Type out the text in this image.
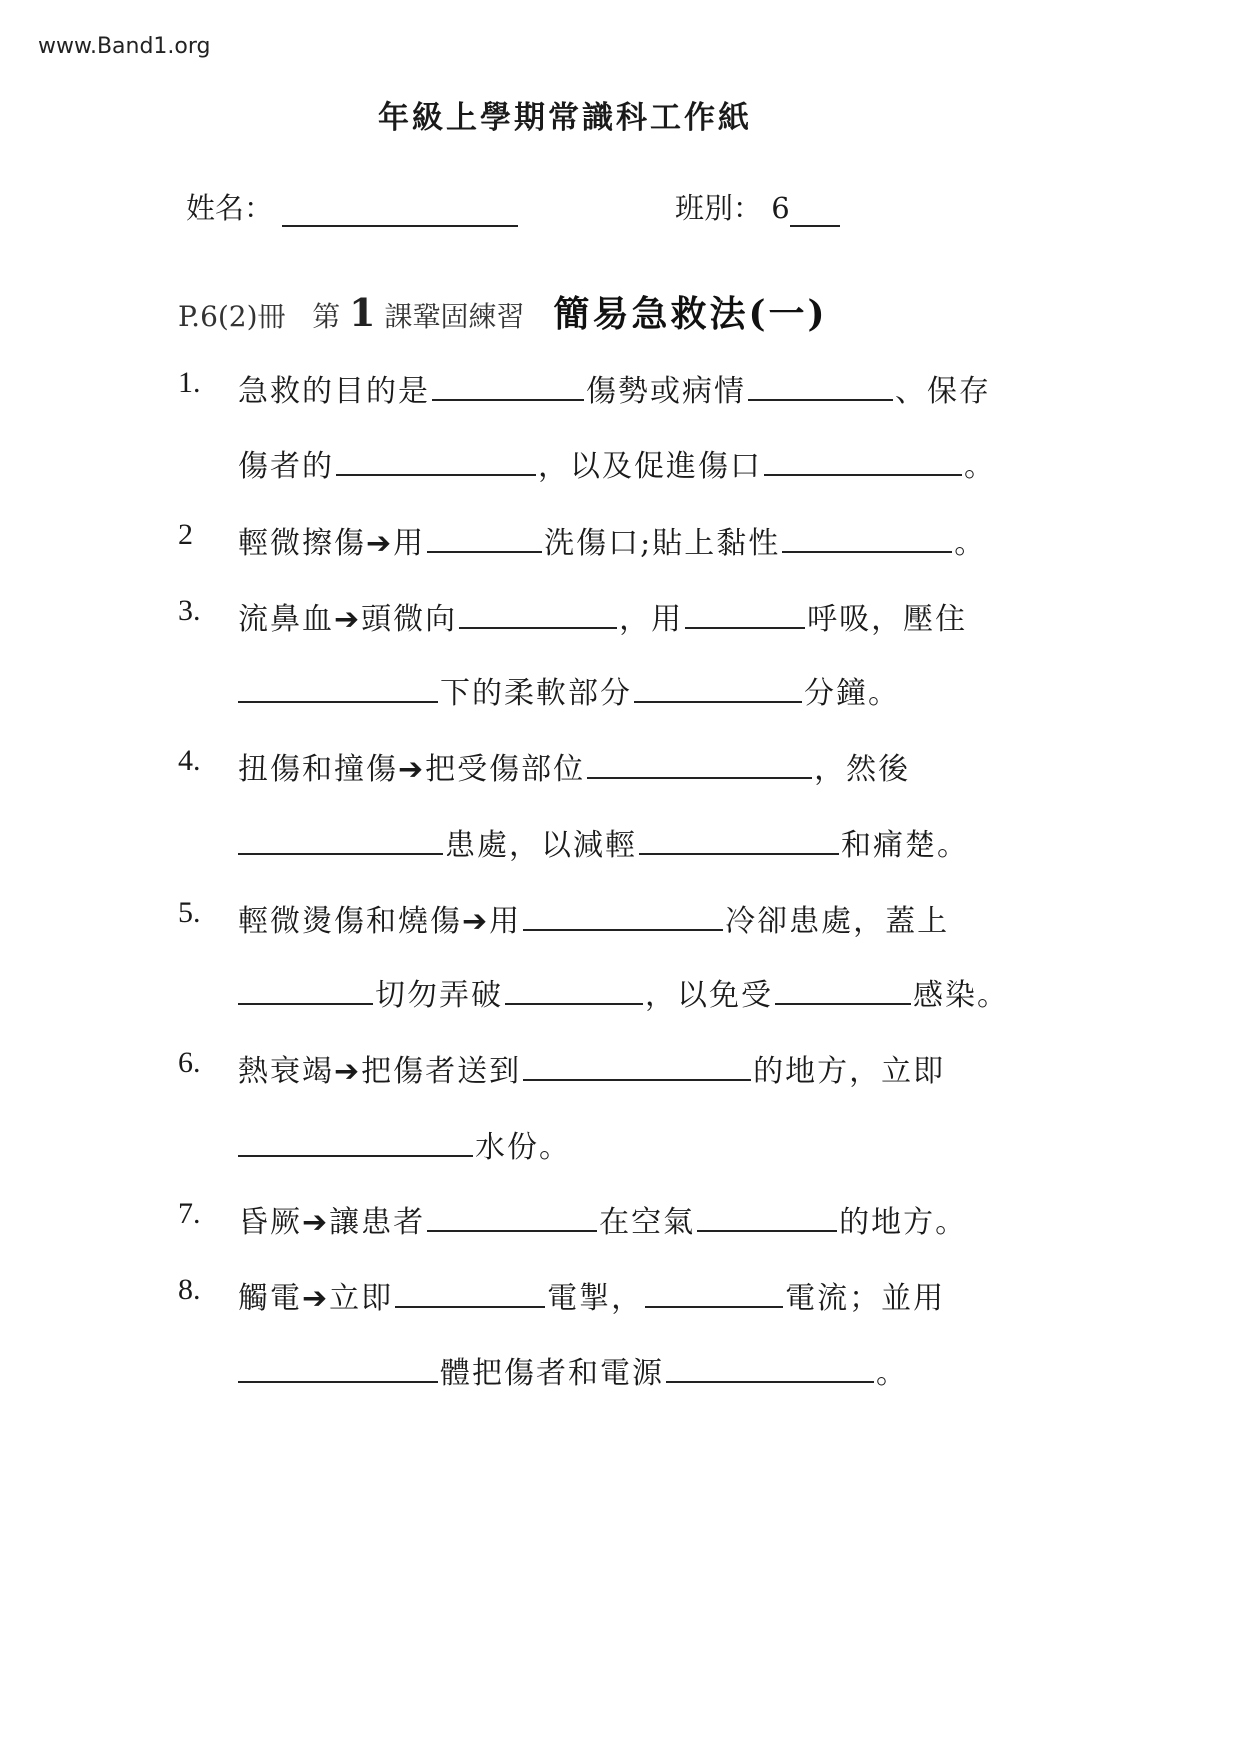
www.Band1.org
年級上學期常識科工作紙
姓名：	班別： 6
P.6(2)冊 第 1 課鞏固練習 簡易急救法(一)
1. 急救的目的是	傷勢或病情	、保存
傷者的	，以及促進傷口	。
2 輕微擦傷➔用	洗傷口;貼上黏性	。
3. 流鼻血➔頭微向	，用	呼吸，壓住
下的柔軟部分	分鐘。
4. 扭傷和撞傷➔把受傷部位	，然後
患處，以減輕	和痛楚。
5. 輕微燙傷和燒傷➔用	冷卻患處，蓋上
切勿弄破	，以免受	感染。
6. 熱衰竭➔把傷者送到	的地方，立即
水份。
7. 昏厥➔讓患者	在空氣	的地方。
8. 觸電➔立即	電掣，	電流；並用
體把傷者和電源	。
